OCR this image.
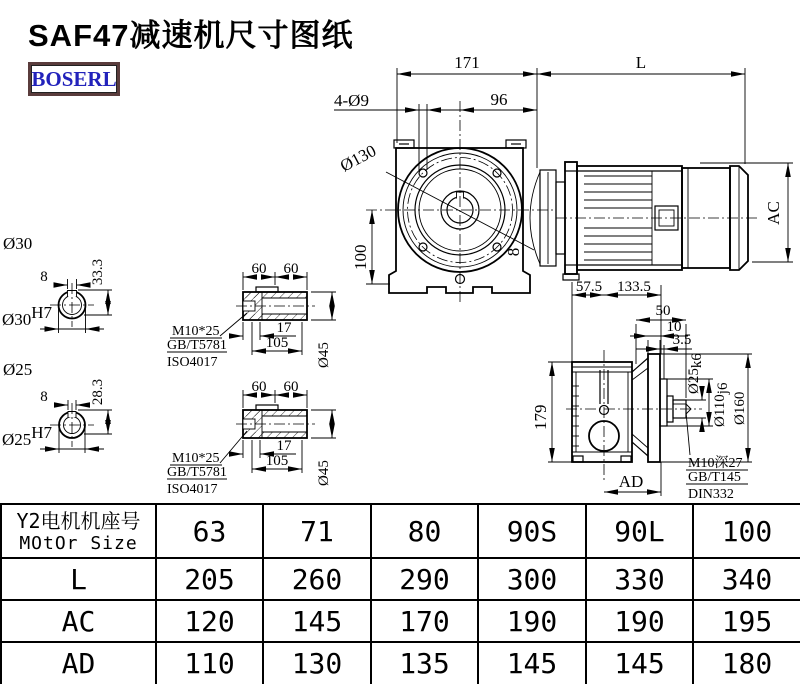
SAF47减速机尺寸图纸
BOSERL
171	L
4-Ø9	96
Ø130
8
100
AC
57.5 133.5
179
AD
50
10
3.5
Ø25k6
Ø110j6
Ø160
M10深27
GB/T145
DIN332
60 60
17
105 Ø45
M10*25
GB/T5781
ISO4017
60 60
17
105 Ø45
M10*25
GB/T5781
ISO4017
Ø30
8	33.3
Ø30H7
Ø25
8	28.3
Ø25H7
Y2电机机座号
MOtOr Size	63	71	80	90S	90L	100
L	205	260	290	300	330	340
AC	120	145	170	190	190	195
AD	110	130	135	145	145	180
